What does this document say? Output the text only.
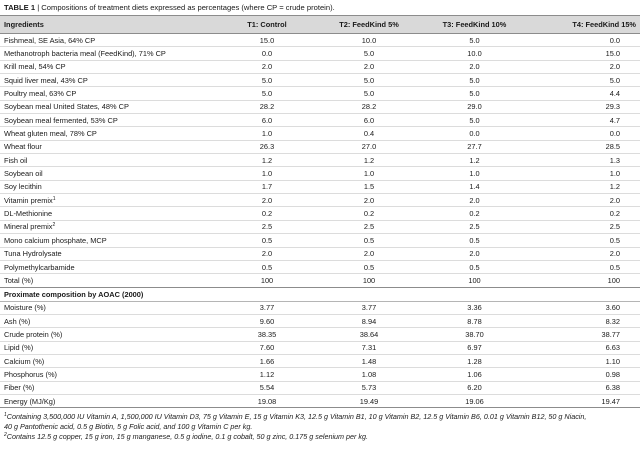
TABLE 1 | Compositions of treatment diets expressed as percentages (where CP = crude protein).
Ingredients	T1: Control	T2: FeedKind 5%	T3: FeedKind 10%	T4: FeedKind 15%
Fishmeal, SE Asia, 64% CP	15.0	10.0	5.0	0.0
Methanotroph bacteria meal (FeedKind), 71% CP	0.0	5.0	10.0	15.0
Krill meal, 54% CP	2.0	2.0	2.0	2.0
Squid liver meal, 43% CP	5.0	5.0	5.0	5.0
Poultry meal, 63% CP	5.0	5.0	5.0	4.4
Soybean meal United States, 48% CP	28.2	28.2	29.0	29.3
Soybean meal fermented, 53% CP	6.0	6.0	5.0	4.7
Wheat gluten meal, 78% CP	1.0	0.4	0.0	0.0
Wheat flour	26.3	27.0	27.7	28.5
Fish oil	1.2	1.2	1.2	1.3
Soybean oil	1.0	1.0	1.0	1.0
Soy lecithin	1.7	1.5	1.4	1.2
Vitamin premix$^1$	2.0	2.0	2.0	2.0
DL-Methionine	0.2	0.2	0.2	0.2
Mineral premix$^2$	2.5	2.5	2.5	2.5
Mono calcium phosphate, MCP	0.5	0.5	0.5	0.5
Tuna Hydrolysate	2.0	2.0	2.0	2.0
Polymethylcarbamide	0.5	0.5	0.5	0.5
Total (%)	100	100	100	100
Proximate composition by AOAC (2000)				
Moisture (%)	3.77	3.77	3.36	3.60
Ash (%)	9.60	8.94	8.78	8.32
Crude protein (%)	38.35	38.64	38.70	38.77
Lipid (%)	7.60	7.31	6.97	6.63
Calcium (%)	1.66	1.48	1.28	1.10
Phosphorus (%)	1.12	1.08	1.06	0.98
Fiber (%)	5.54	5.73	6.20	6.38
Energy (MJ/Kg)	19.08	19.49	19.06	19.47

$^1$Containing 3,500,000 IU Vitamin A, 1,500,000 IU Vitamin D3, 75 g Vitamin E, 15 g Vitamin K3, 12.5 g Vitamin B1, 10 g Vitamin B2, 12.5 g Vitamin B6, 0.01 g Vitamin B12, 50 g Niacin, 40 g Pantothenic acid, 0.5 g Biotin, 5 g Folic acid, and 100 g Vitamin C per kg.

$^2$Contains 12.5 g copper, 15 g iron, 15 g manganese, 0.5 g iodine, 0.1 g cobalt, 50 g zinc, 0.175 g selenium per kg.
